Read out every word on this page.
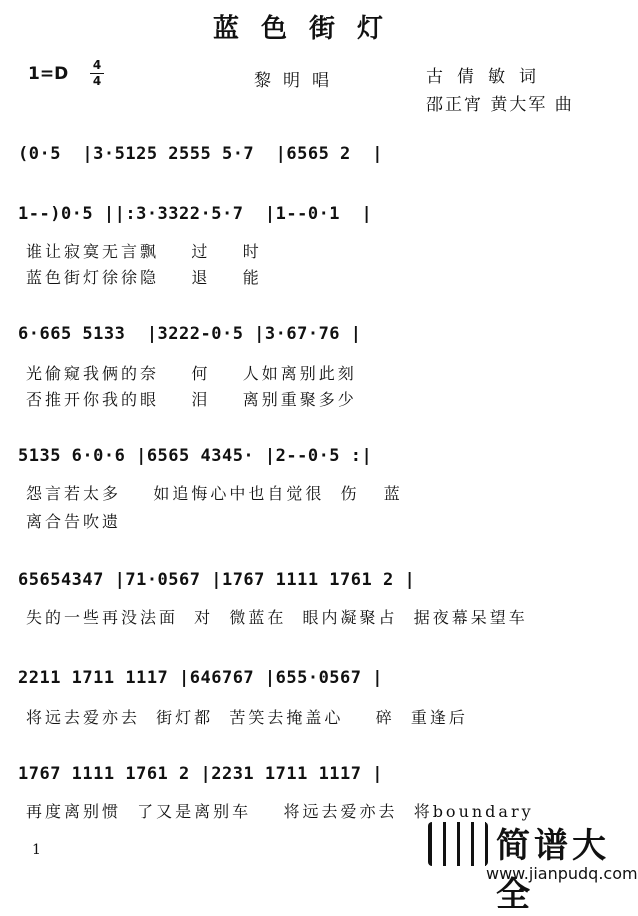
蓝色街灯
1=D 4
4	黎明唱	古倩敏词
邵正宵 黄大军 曲
(0·5  |3·5125 2555 5·7  |6565 2  |
1--)0·5 ||:3·3322·5·7  |1--0·1  |
谁让寂寞无言飘    过    时
蓝色街灯徐徐隐    退    能
6·665 5133  |3222-0·5 |3·67·76 |
光偷窥我俩的奈    何    人如离别此刻
否推开你我的眼    泪    离别重聚多少
5135 6·0·6 |6565 4345· |2--0·5 :|
怨言若太多    如追悔心中也自觉很  伤   蓝
离合告吹遗
65654347 |71·0567 |1767 1111 1761 2 |
失的一些再没法面  对  微蓝在  眼内凝聚占  据夜幕呆望车
2211 1711 1117 |646767 |655·0567 |
将远去爱亦去  街灯都  苦笑去掩盖心    碎  重逢后
1767 1111 1761 2 |2231 1711 1117 |
再度离别惯  了又是离别车    将远去爱亦去  将boundary
1	简谱大全
www.jianpudq.com
